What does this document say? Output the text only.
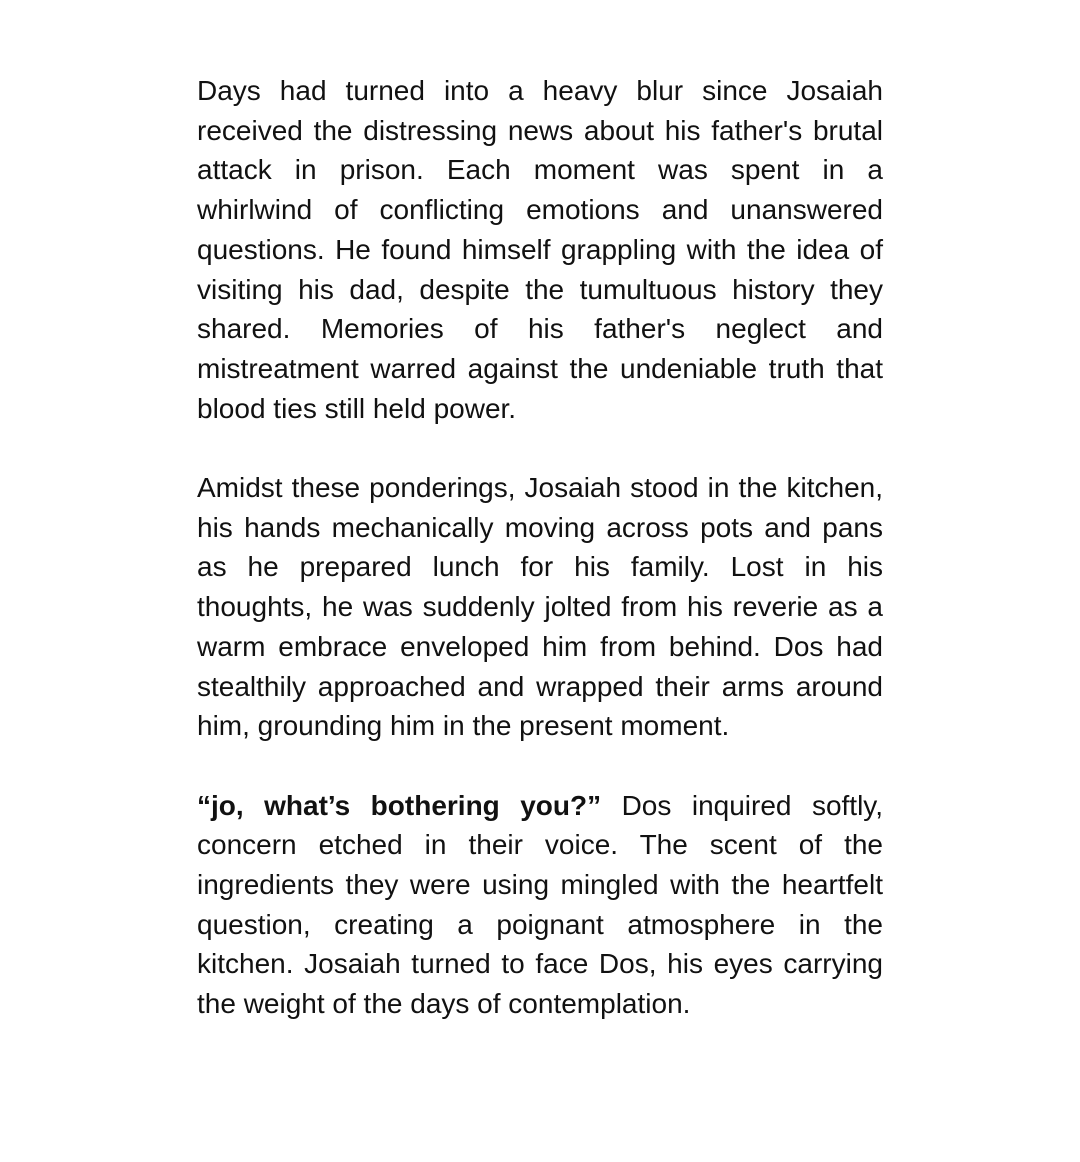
Days had turned into a heavy blur since Josaiah received the distressing news about his father's brutal attack in prison. Each moment was spent in a whirlwind of conflicting emotions and unanswered questions. He found himself grappling with the idea of visiting his dad, despite the tumultuous history they shared. Memories of his father's neglect and mistreatment warred against the undeniable truth that blood ties still held power.

Amidst these ponderings, Josaiah stood in the kitchen, his hands mechanically moving across pots and pans as he prepared lunch for his family. Lost in his thoughts, he was suddenly jolted from his reverie as a warm embrace enveloped him from behind. Dos had stealthily approached and wrapped their arms around him, grounding him in the present moment.

“jo, what’s bothering you?” Dos inquired softly, concern etched in their voice. The scent of the ingredients they were using mingled with the heartfelt question, creating a poignant atmosphere in the kitchen. Josaiah turned to face Dos, his eyes carrying the weight of the days of contemplation.
